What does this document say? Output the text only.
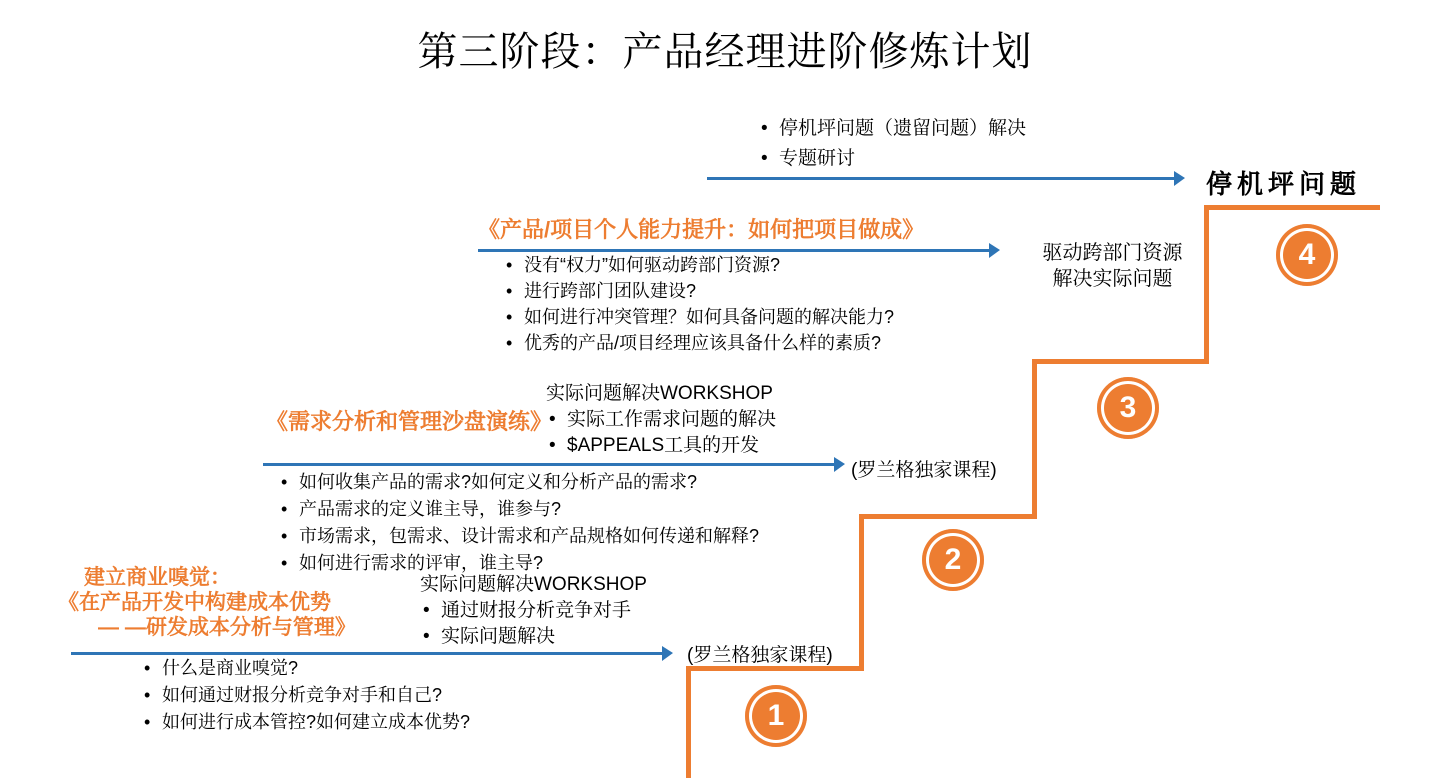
第三阶段：产品经理进阶修炼计划
• 停机坪问题（遗留问题）解决
• 专题研讨
停机坪问题
《产品/项目个人能力提升：如何把项目做成》
• 没有“权力”如何驱动跨部门资源?
• 进行跨部门团队建设?
• 如何进行冲突管理？如何具备问题的解决能力?
• 优秀的产品/项目经理应该具备什么样的素质?
驱动跨部门资源
解决实际问题
《需求分析和管理沙盘演练》
实际问题解决WORKSHOP
• 实际工作需求问题的解决
• $APPEALS工具的开发
(罗兰格独家课程)
• 如何收集产品的需求?如何定义和分析产品的需求?
• 产品需求的定义谁主导，谁参与?
• 市场需求，包需求、设计需求和产品规格如何传递和解释?
• 如何进行需求的评审，谁主导?
建立商业嗅觉：
《在产品开发中构建成本优势
— —研发成本分析与管理》
实际问题解决WORKSHOP
• 通过财报分析竞争对手
• 实际问题解决
(罗兰格独家课程)
• 什么是商业嗅觉?
• 如何通过财报分析竞争对手和自己?
• 如何进行成本管控?如何建立成本优势?	1
2
3
4
